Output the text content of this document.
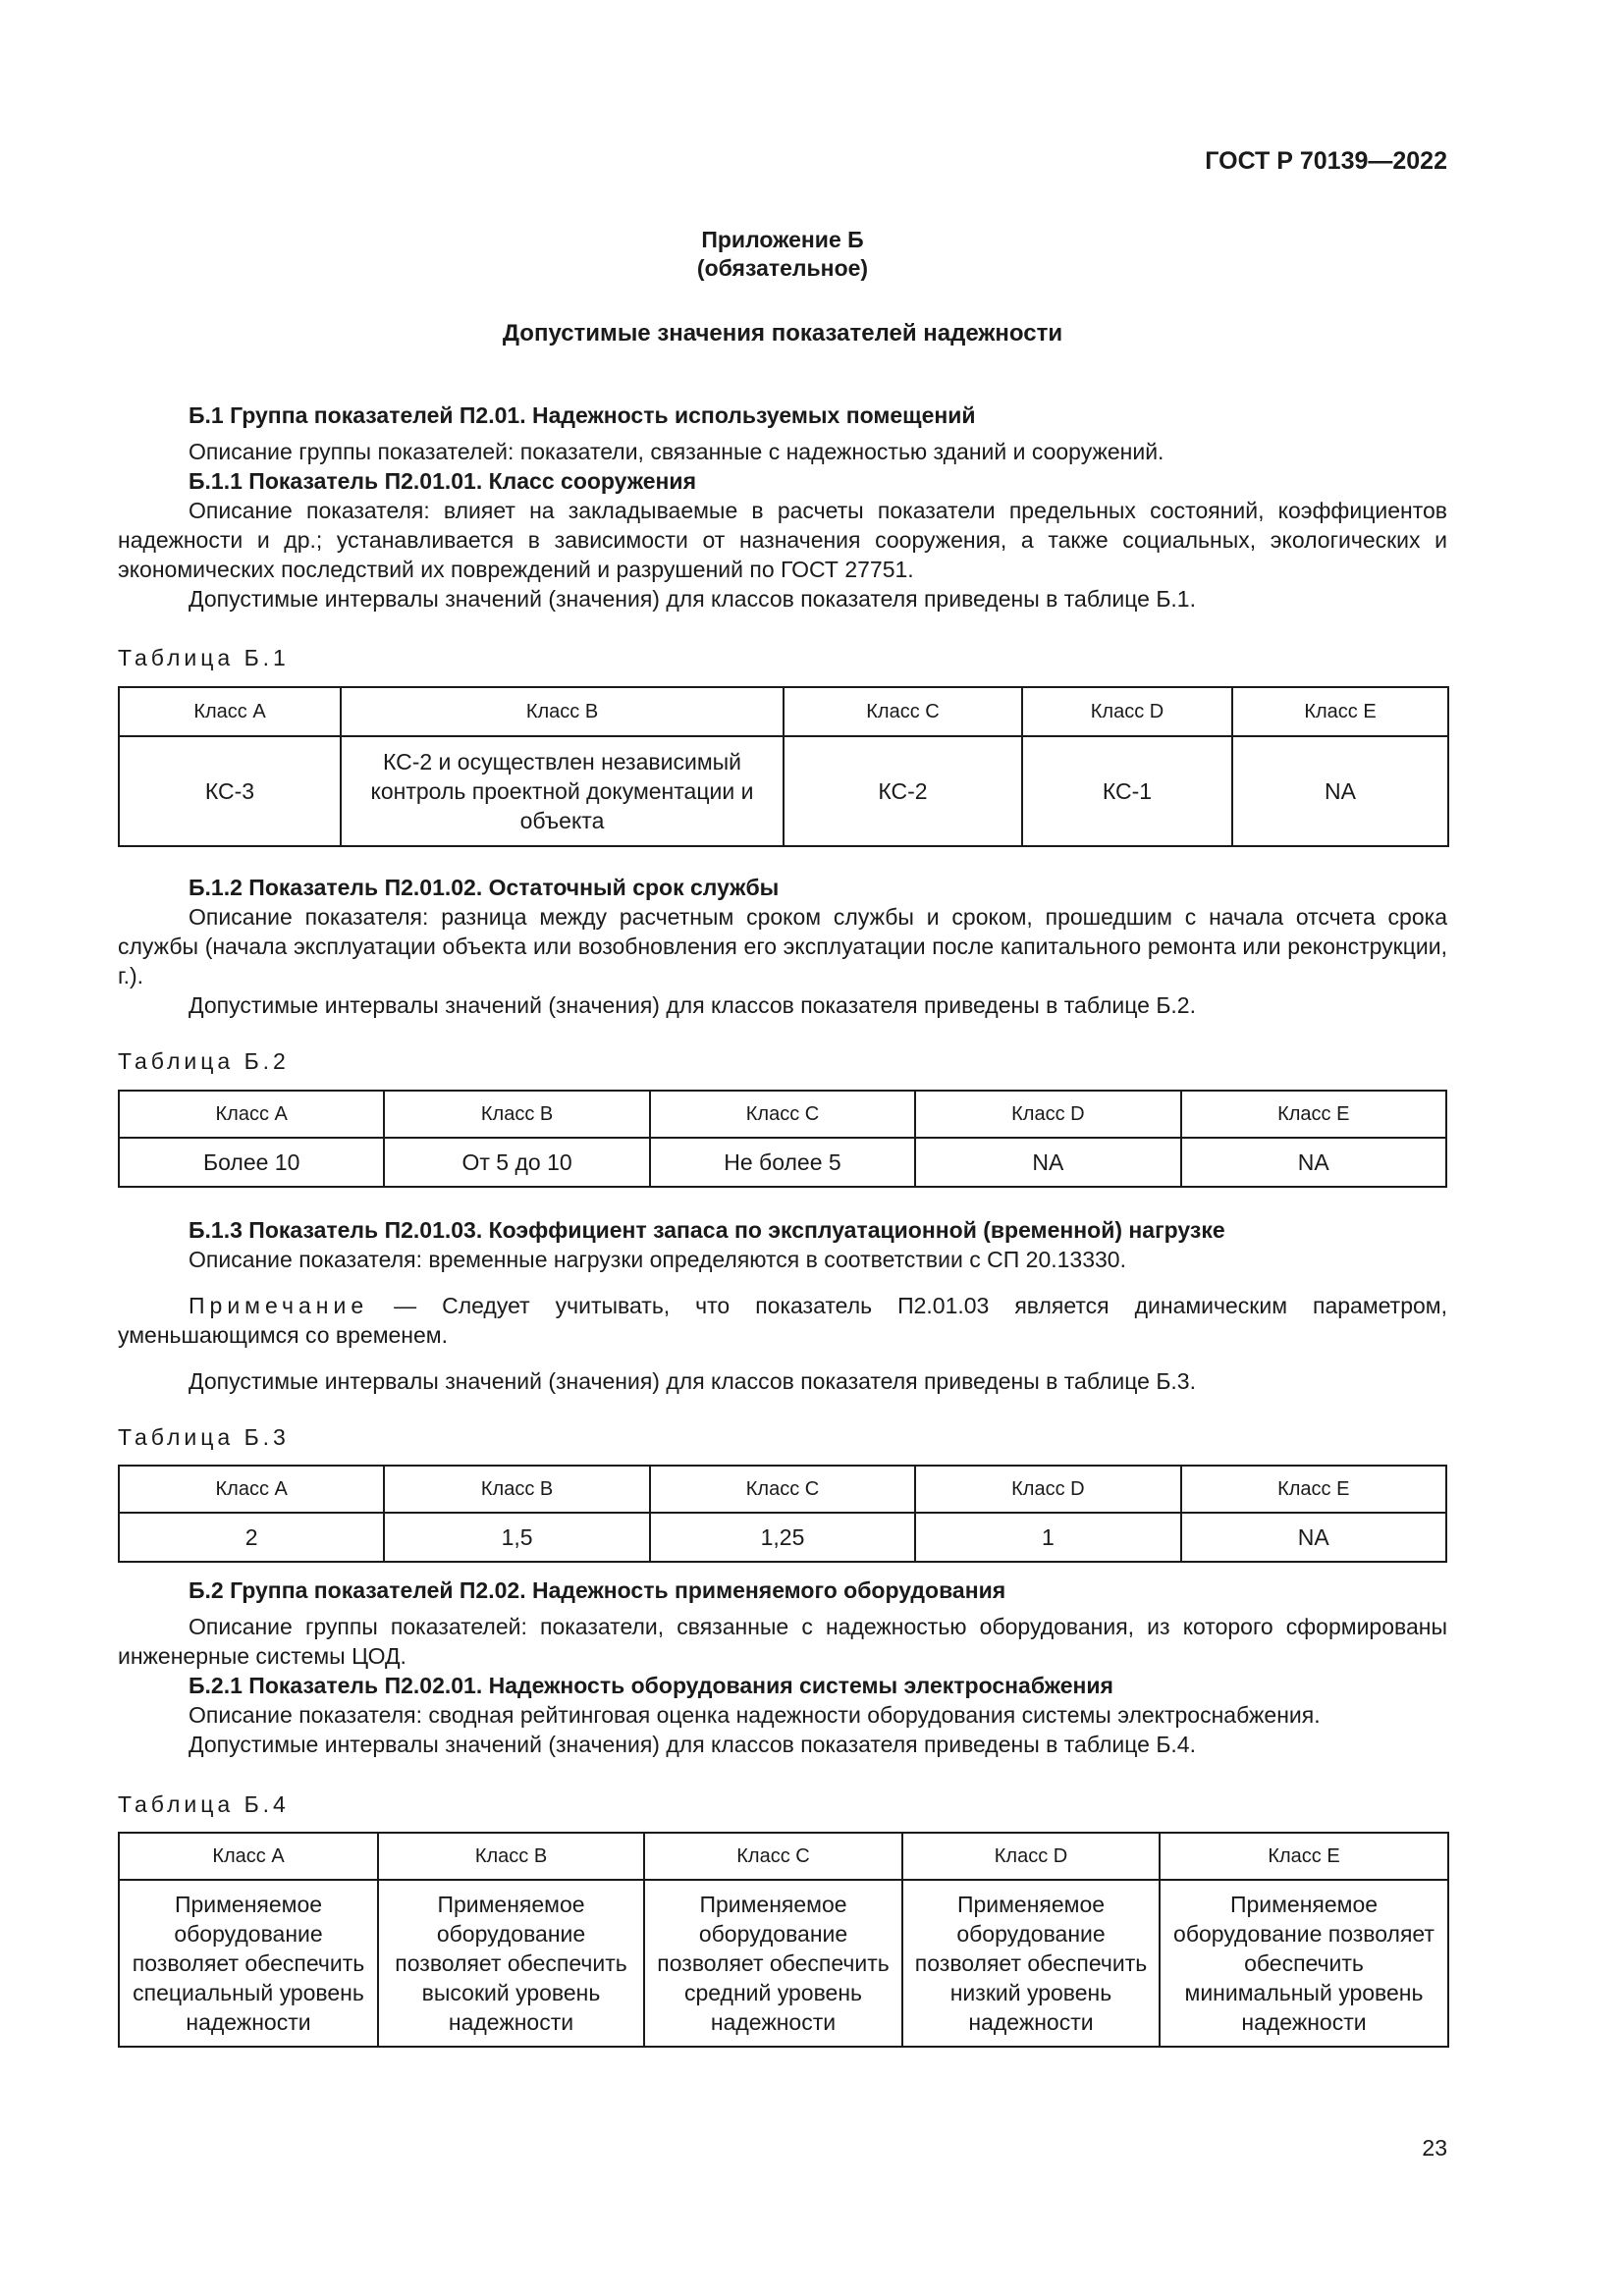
ГОСТ Р 70139—2022
Приложение Б
(обязательное)
Допустимые значения показателей надежности

Б.1 Группа показателей П2.01. Надежность используемых помещений

Описание группы показателей: показатели, связанные с надежностью зданий и сооружений.

Б.1.1 Показатель П2.01.01. Класс сооружения

Описание показателя: влияет на закладываемые в расчеты показатели предельных состояний, коэффициентов надежности и др.; устанавливается в зависимости от назначения сооружения, а также социальных, экологических и экономических последствий их повреждений и разрушений по ГОСТ 27751.

Допустимые интервалы значений (значения) для классов показателя приведены в таблице Б.1.

Таблица Б.1
Класс A	Класс B	Класс C	Класс D	Класс E
КС-3	КС-2 и осуществлен независимый контроль проектной документации и объекта	КС-2	КС-1	NA

Б.1.2 Показатель П2.01.02. Остаточный срок службы

Описание показателя: разница между расчетным сроком службы и сроком, прошедшим с начала отсчета срока службы (начала эксплуатации объекта или возобновления его эксплуатации после капитального ремонта или реконструкции, г.).

Допустимые интервалы значений (значения) для классов показателя приведены в таблице Б.2.

Таблица Б.2
Класс A	Класс B	Класс C	Класс D	Класс E
Более 10	От 5 до 10	Не более 5	NA	NA

Б.1.3 Показатель П2.01.03. Коэффициент запаса по эксплуатационной (временной) нагрузке

Описание показателя: временные нагрузки определяются в соответствии с СП 20.13330.

Примечание — Следует учитывать, что показатель П2.01.03 является динамическим параметром, уменьшающимся со временем.

Допустимые интервалы значений (значения) для классов показателя приведены в таблице Б.3.

Таблица Б.3
Класс A	Класс B	Класс C	Класс D	Класс E
2	1,5	1,25	1	NA

Б.2 Группа показателей П2.02. Надежность применяемого оборудования

Описание группы показателей: показатели, связанные с надежностью оборудования, из которого сформированы инженерные системы ЦОД.

Б.2.1 Показатель П2.02.01. Надежность оборудования системы электроснабжения

Описание показателя: сводная рейтинговая оценка надежности оборудования системы электроснабжения.

Допустимые интервалы значений (значения) для классов показателя приведены в таблице Б.4.

Таблица Б.4
Класс A	Класс B	Класс C	Класс D	Класс E
Применяемое оборудование позволяет обеспечить специальный уровень надежности	Применяемое оборудование позволяет обеспечить высокий уровень надежности	Применяемое оборудование позволяет обеспечить средний уровень надежности	Применяемое оборудование позволяет обеспечить низкий уровень надежности	Применяемое оборудование позволяет обеспечить минимальный уровень надежности
23
